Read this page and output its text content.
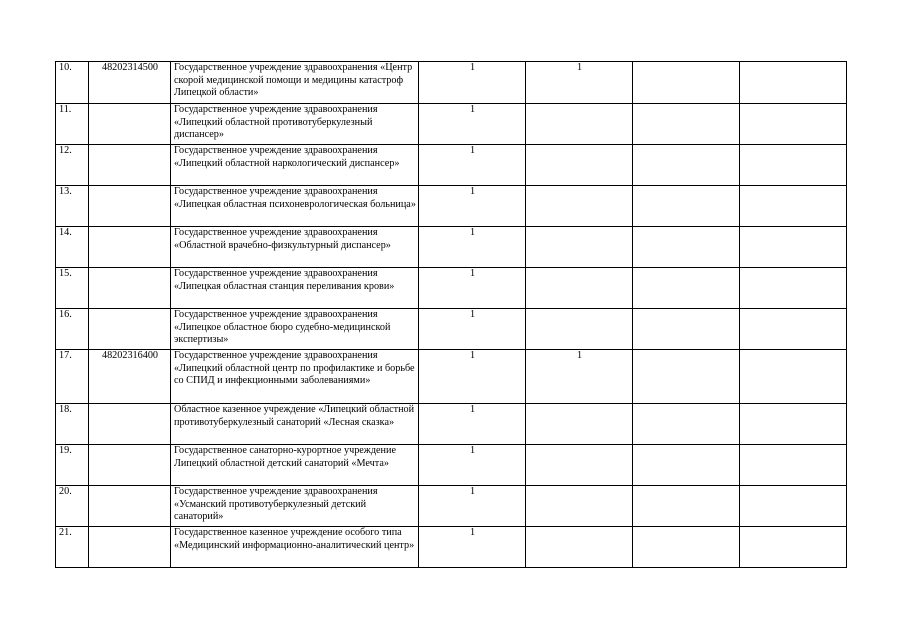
10.	48202314500	Государственное учреждение здравоохранения «Центр скорой медицинской помощи и медицины катастроф Липецкой области»	1	1		
11.		Государственное учреждение здравоохранения «Липецкий областной противотуберкулезный диспансер»	1			
12.		Государственное учреждение здравоохранения «Липецкий областной наркологический диспансер»	1			
13.		Государственное учреждение здравоохранения «Липецкая областная психоневрологическая больница»	1			
14.		Государственное учреждение здравоохранения «Областной врачебно-физкультурный диспансер»	1			
15.		Государственное учреждение здравоохранения «Липецкая областная станция переливания крови»	1			
16.		Государственное учреждение здравоохранения «Липецкое областное бюро судебно-медицинской экспертизы»	1			
17.	48202316400	Государственное учреждение здравоохранения «Липецкий областной центр по профилактике и борьбе со СПИД и инфекционными заболеваниями»	1	1		
18.		Областное казенное учреждение «Липецкий областной противотуберкулезный санаторий «Лесная сказка»	1			
19.		Государственное санаторно-курортное учреждение Липецкий областной детский санаторий «Мечта»	1			
20.		Государственное учреждение здравоохранения «Усманский противотуберкулезный детский санаторий»	1			
21.		Государственное казенное учреждение особого типа «Медицинский информационно-аналитический центр»	1			
